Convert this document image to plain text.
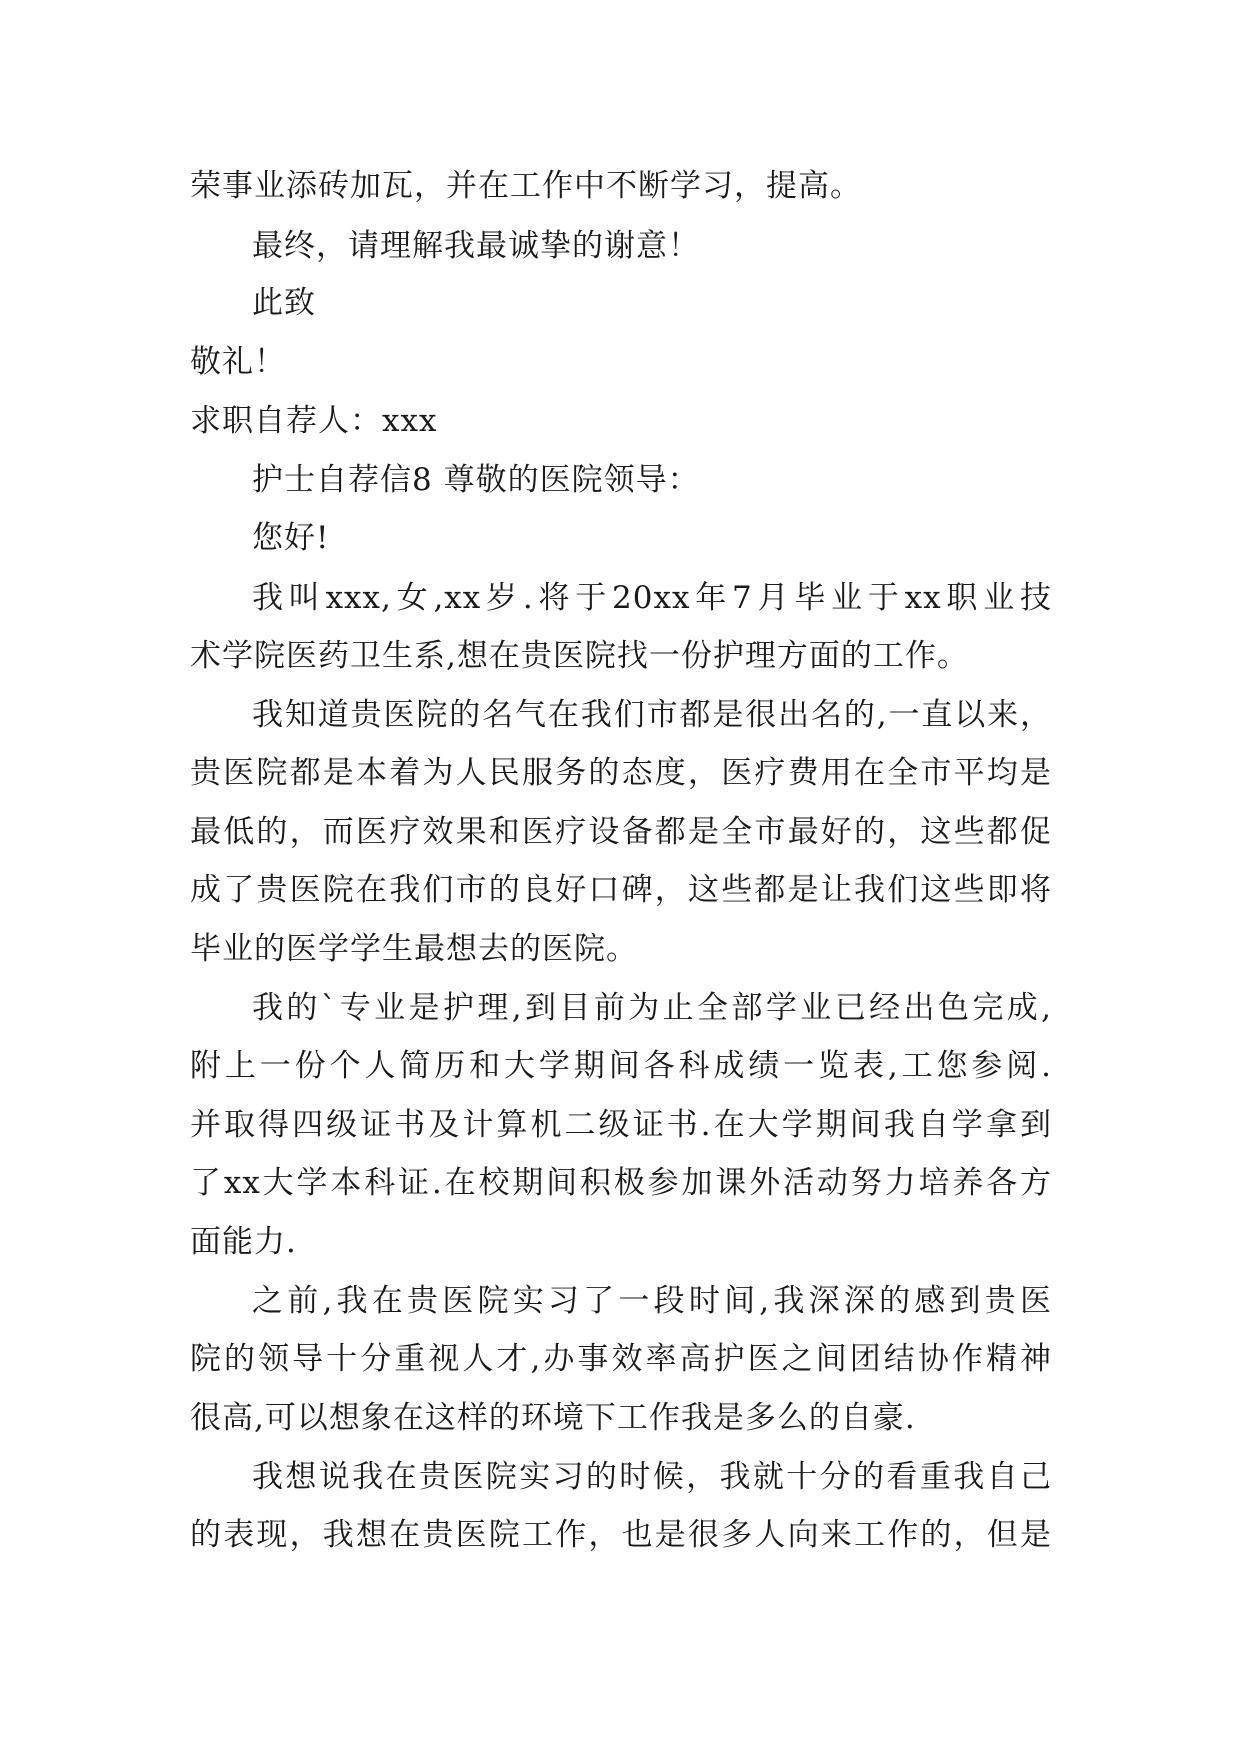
荣事业添砖加瓦，并在工作中不断学习，提高。
最终，请理解我最诚挚的谢意！
此致
敬礼！
求职自荐人：xxx
护士自荐信8 尊敬的医院领导：
您好!
我叫xxx,女,xx岁.将于20xx年7月毕业于xx职业技
术学院医药卫生系,想在贵医院找一份护理方面的工作。
我知道贵医院的名气在我们市都是很出名的,一直以来，
贵医院都是本着为人民服务的态度，医疗费用在全市平均是
最低的，而医疗效果和医疗设备都是全市最好的，这些都促
成了贵医院在我们市的良好口碑，这些都是让我们这些即将
毕业的医学学生最想去的医院。
我的`专业是护理,到目前为止全部学业已经出色完成,
附上一份个人简历和大学期间各科成绩一览表,工您参阅.
并取得四级证书及计算机二级证书.在大学期间我自学拿到
了xx大学本科证.在校期间积极参加课外活动努力培养各方
面能力.
之前,我在贵医院实习了一段时间,我深深的感到贵医
院的领导十分重视人才,办事效率高护医之间团结协作精神
很高,可以想象在这样的环境下工作我是多么的自豪.
我想说我在贵医院实习的时候，我就十分的看重我自己
的表现，我想在贵医院工作，也是很多人向来工作的，但是
